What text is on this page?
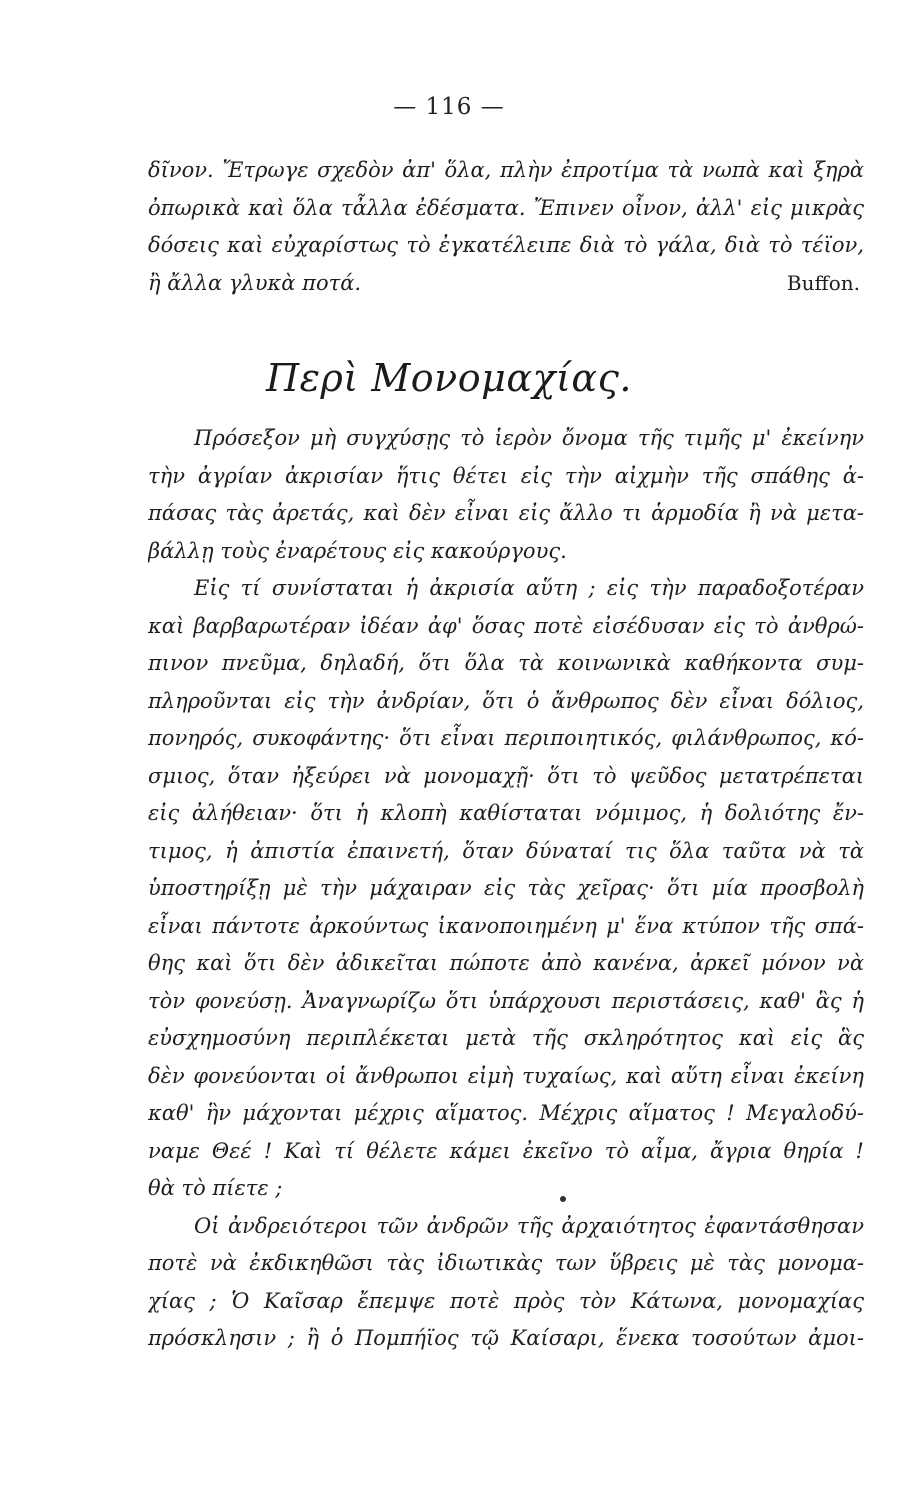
— 116 —
δῖνον. Ἔτρωγε σχεδὸν ἀπ' ὅλα, πλὴν ἐπροτίμα τὰ νωπὰ καὶ ξηρὰ
ὀπωρικὰ καὶ ὅλα τἆλλα ἐδέσματα. Ἔπινεν οἶνον, ἀλλ' εἰς μικρὰς
δόσεις καὶ εὐχαρίστως τὸ ἐγκατέλειπε διὰ τὸ γάλα, διὰ τὸ τέϊον,
ἢ ἄλλα γλυκὰ ποτά.	Buffon.
Περὶ Μονομαχίας.
Πρόσεξον μὴ συγχύσῃς τὸ ἱερὸν ὄνομα τῆς τιμῆς μ' ἐκείνην
τὴν ἀγρίαν ἀκρισίαν ἥτις θέτει εἰς τὴν αἰχμὴν τῆς σπάθης ἁ-
πάσας τὰς ἀρετάς, καὶ δὲν εἶναι εἰς ἄλλο τι ἁρμοδία ἢ νὰ μετα-
βάλλῃ τοὺς ἐναρέτους εἰς κακούργους.
Εἰς τί συνίσταται ἡ ἀκρισία αὕτη ; εἰς τὴν παραδοξοτέραν
καὶ βαρβαρωτέραν ἰδέαν ἀφ' ὅσας ποτὲ εἰσέδυσαν εἰς τὸ ἀνθρώ-
πινον πνεῦμα, δηλαδή, ὅτι ὅλα τὰ κοινωνικὰ καθήκοντα συμ-
πληροῦνται εἰς τὴν ἀνδρίαν, ὅτι ὁ ἄνθρωπος δὲν εἶναι δόλιος,
πονηρός, συκοφάντης· ὅτι εἶναι περιποιητικός, φιλάνθρωπος, κό-
σμιος, ὅταν ἠξεύρει νὰ μονομαχῇ· ὅτι τὸ ψεῦδος μετατρέπεται
εἰς ἀλήθειαν· ὅτι ἡ κλοπὴ καθίσταται νόμιμος, ἡ δολιότης ἔν-
τιμος, ἡ ἀπιστία ἐπαινετή, ὅταν δύναταί τις ὅλα ταῦτα νὰ τὰ
ὑποστηρίξῃ μὲ τὴν μάχαιραν εἰς τὰς χεῖρας· ὅτι μία προσβολὴ
εἶναι πάντοτε ἀρκούντως ἱκανοποιημένη μ' ἕνα κτύπον τῆς σπά-
θης καὶ ὅτι δὲν ἀδικεῖται πώποτε ἀπὸ κανένα, ἀρκεῖ μόνον νὰ
τὸν φονεύσῃ. Ἀναγνωρίζω ὅτι ὑπάρχουσι περιστάσεις, καθ' ἃς ἡ
εὐσχημοσύνη περιπλέκεται μετὰ τῆς σκληρότητος καὶ εἰς ἃς
δὲν φονεύονται οἱ ἄνθρωποι εἰμὴ τυχαίως, καὶ αὕτη εἶναι ἐκείνη
καθ' ἣν μάχονται μέχρις αἵματος. Μέχρις αἵματος ! Μεγαλοδύ-
ναμε Θεέ ! Καὶ τί θέλετε κάμει ἐκεῖνο τὸ αἷμα, ἄγρια θηρία !
θὰ τὸ πίετε ;
Οἱ ἀνδρειότεροι τῶν ἀνδρῶν τῆς ἀρχαιότητος ἐφαντάσθησαν
ποτὲ νὰ ἐκδικηθῶσι τὰς ἰδιωτικὰς των ὕβρεις μὲ τὰς μονομα-
χίας ; Ὁ Καῖσαρ ἔπεμψε ποτὲ πρὸς τὸν Κάτωνα, μονομαχίας
πρόσκλησιν ; ἢ ὁ Πομπήϊος τῷ Καίσαρι, ἕνεκα τοσούτων ἀμοι-
